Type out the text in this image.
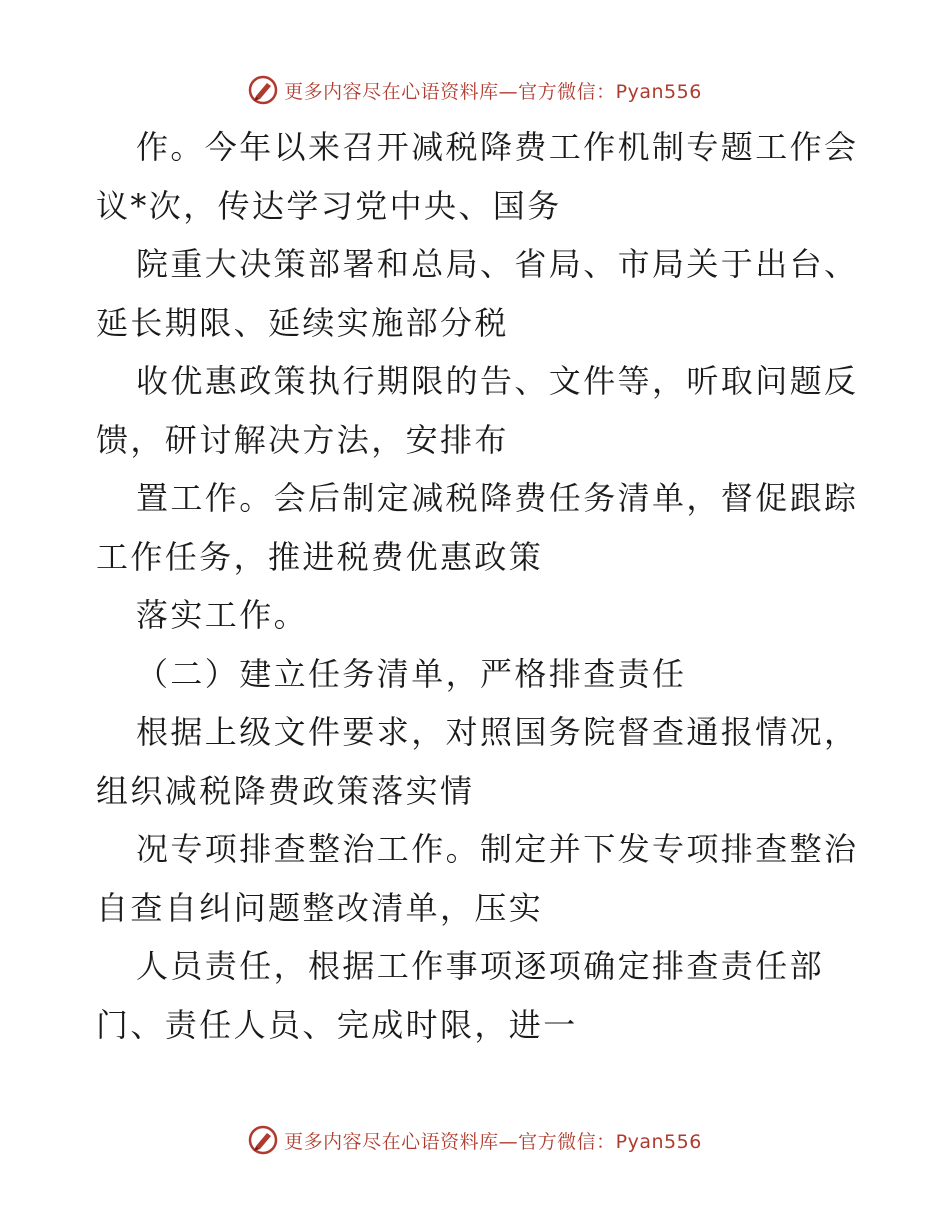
更多内容尽在心语资料库—官方微信：Pyan556
作。今年以来召开减税降费工作机制专题工作会
议*次，传达学习党中央、国务
院重大决策部署和总局、省局、市局关于出台、
延长期限、延续实施部分税
收优惠政策执行期限的告、文件等，听取问题反
馈，研讨解决方法，安排布
置工作。会后制定减税降费任务清单，督促跟踪
工作任务，推进税费优惠政策
落实工作。
（二）建立任务清单，严格排查责任
根据上级文件要求，对照国务院督查通报情况，
组织减税降费政策落实情
况专项排查整治工作。制定并下发专项排查整治
自查自纠问题整改清单，压实
人员责任，根据工作事项逐项确定排查责任部
门、责任人员、完成时限，进一
更多内容尽在心语资料库—官方微信：Pyan556
